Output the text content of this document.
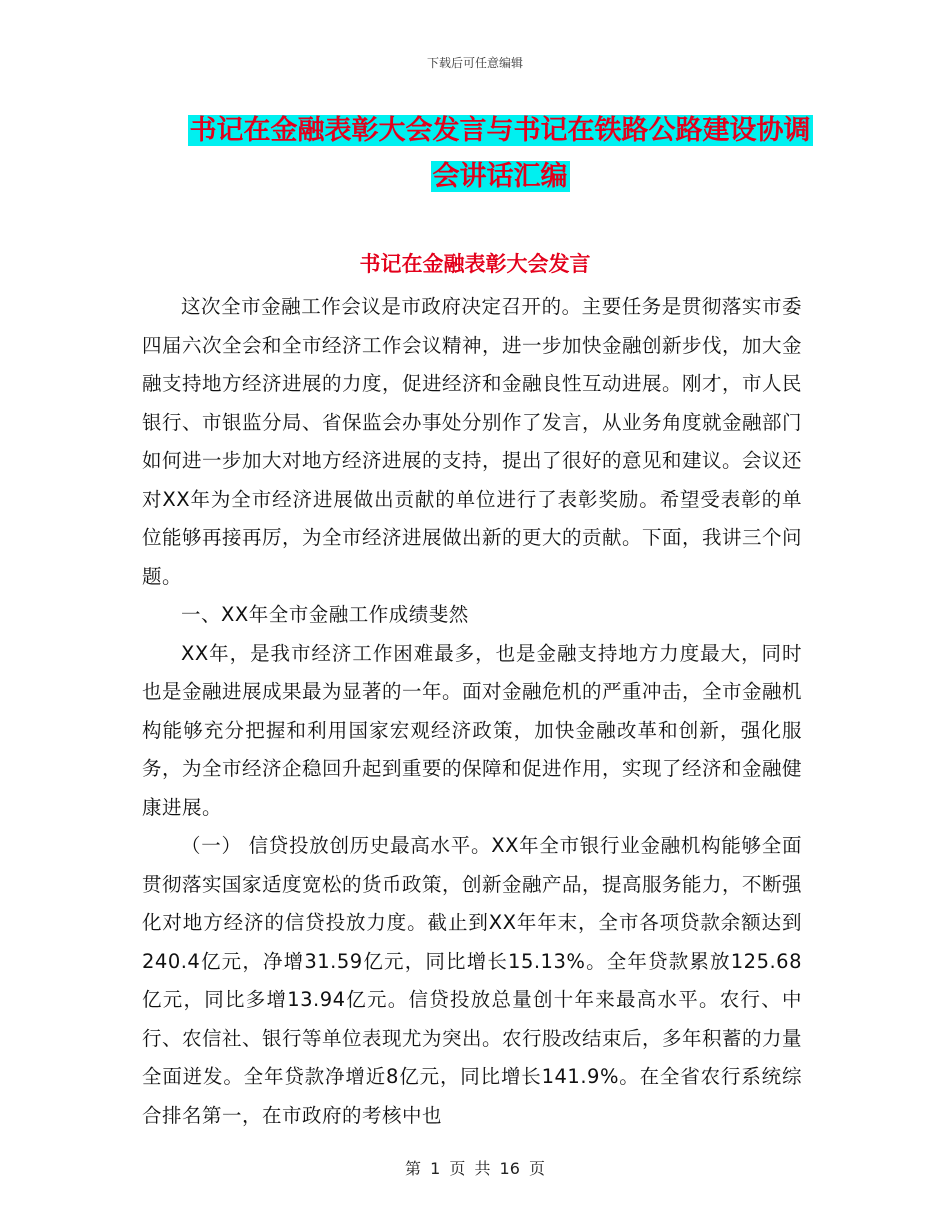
下载后可任意编辑
书记在金融表彰大会发言与书记在铁路公路建设协调
会讲话汇编
书记在金融表彰大会发言

这次全市金融工作会议是市政府决定召开的。主要任务是贯彻落实市委四届六次全会和全市经济工作会议精神，进一步加快金融创新步伐，加大金融支持地方经济进展的力度，促进经济和金融良性互动进展。刚才，市人民银行、市银监分局、省保监会办事处分别作了发言，从业务角度就金融部门如何进一步加大对地方经济进展的支持，提出了很好的意见和建议。会议还对XX年为全市经济进展做出贡献的单位进行了表彰奖励。希望受表彰的单位能够再接再厉，为全市经济进展做出新的更大的贡献。下面，我讲三个问题。

一、XX年全市金融工作成绩斐然

XX年，是我市经济工作困难最多，也是金融支持地方力度最大，同时也是金融进展成果最为显著的一年。面对金融危机的严重冲击，全市金融机构能够充分把握和利用国家宏观经济政策，加快金融改革和创新，强化服务，为全市经济企稳回升起到重要的保障和促进作用，实现了经济和金融健康进展。

（一） 信贷投放创历史最高水平。XX年全市银行业金融机构能够全面贯彻落实国家适度宽松的货币政策，创新金融产品，提高服务能力，不断强化对地方经济的信贷投放力度。截止到XX年年末，全市各项贷款余额达到240.4亿元，净增31.59亿元，同比增长15.13%。全年贷款累放125.68亿元，同比多增13.94亿元。信贷投放总量创十年来最高水平。农行、中行、农信社、银行等单位表现尤为突出。农行股改结束后，多年积蓄的力量全面迸发。全年贷款净增近8亿元，同比增长141.9%。在全省农行系统综合排名第一，在市政府的考核中也

第 1 页 共 16 页
